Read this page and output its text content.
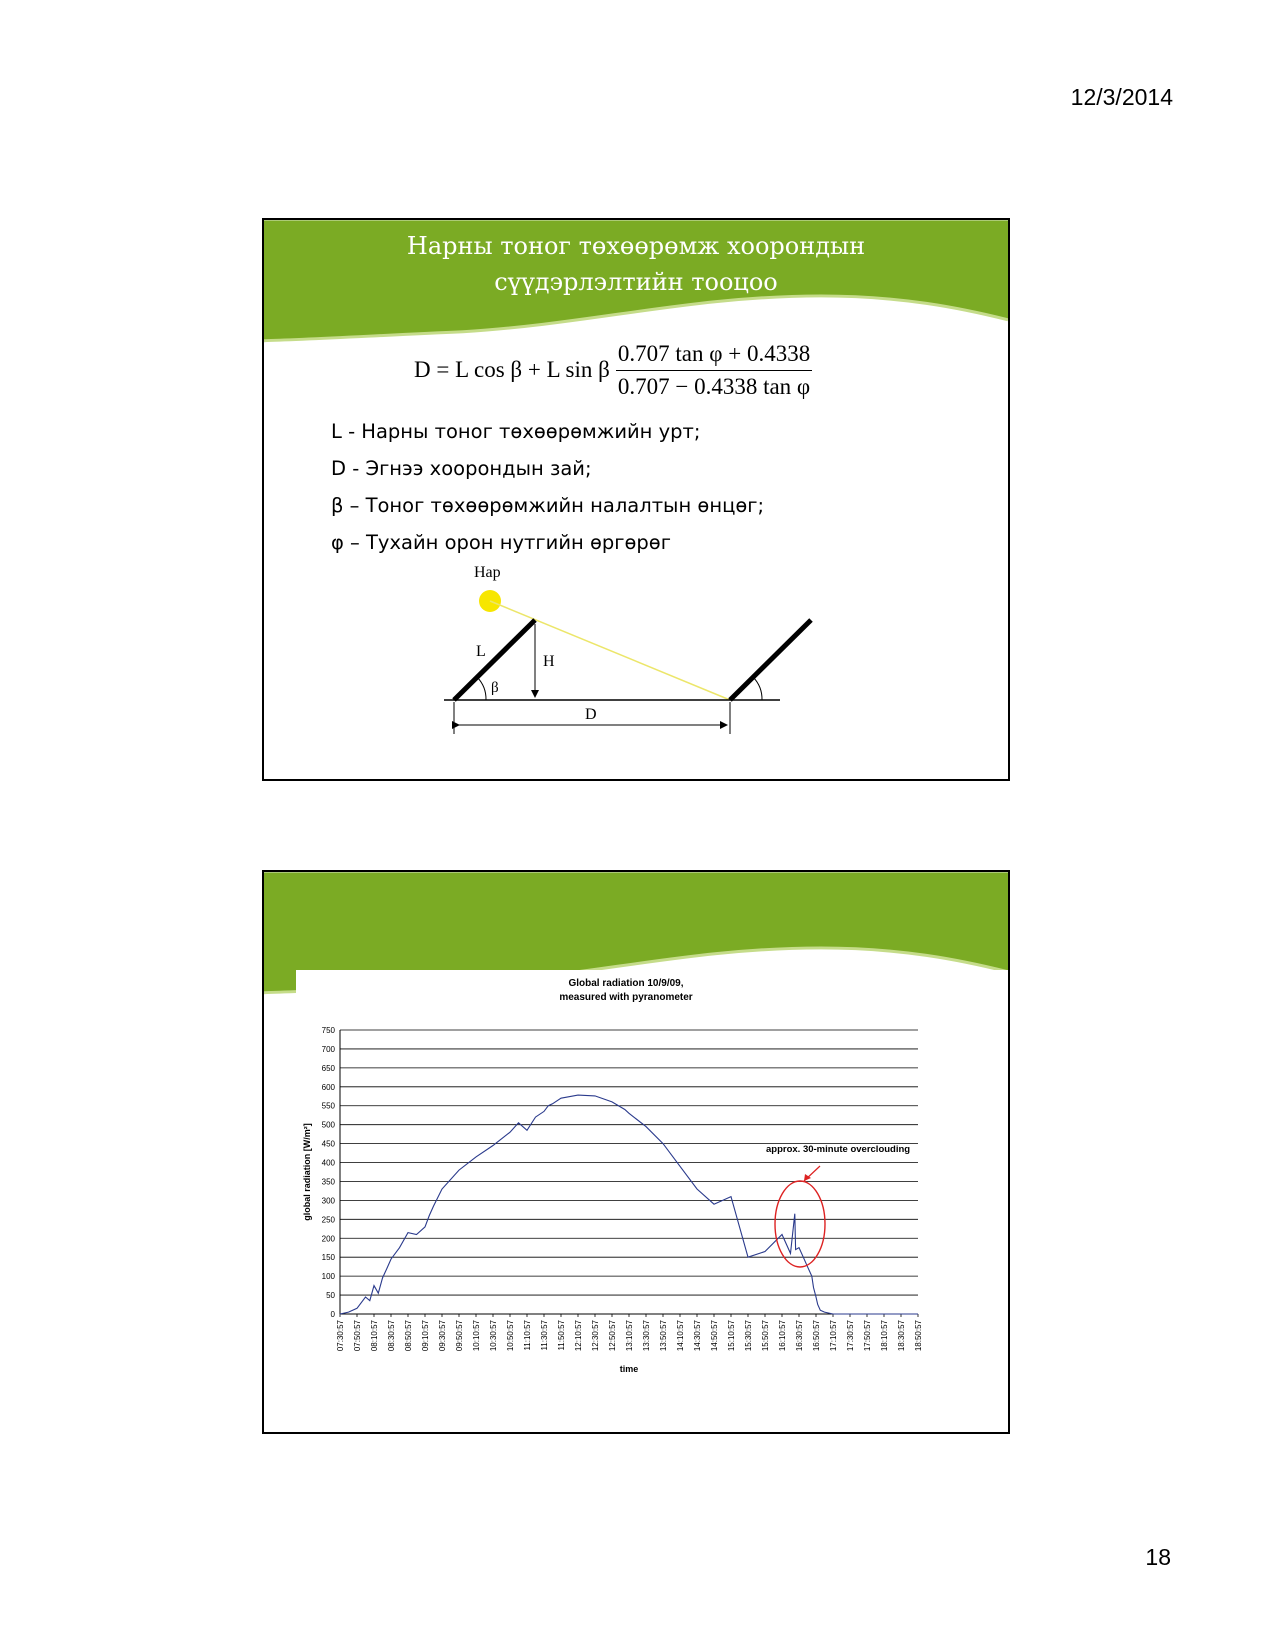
12/3/2014
Нарны тоног төхөөрөмж хоорондын
сүүдэрлэлтийн тооцоо
D = L cos β + L sin β $\frac{\text{0.707 tan φ + 0.4338}}{\text{0.707 − 0.4338 tan φ}}$
L - Нарны тоног төхөөрөмжийн урт;
D - Эгнээ хоорондын зай;
β – Тоног төхөөрөмжийн налалтын өнцөг;
φ – Тухайн орон нутгийн өргөрөг
Нар
L
H
β
D
Global radiation 10/9/09,
measured with pyranometer
0
50
100
150
200
250
300
350
400
450
500
550
600
650
700
750
07:30:57 07:50:57 08:10:57 08:30:57 08:50:57 09:10:57 09:30:57 09:50:57 10:10:57 10:30:57 10:50:57 11:10:57 11:30:57 11:50:57 12:10:57 12:30:57 12:50:57 13:10:57 13:30:57 13:50:57 14:10:57 14:30:57 14:50:57 15:10:57 15:30:57 15:50:57 16:10:57 16:30:57 16:50:57 17:10:57 17:30:57 17:50:57 18:10:57 18:30:57 18:50:57
time
global radiation [W/m²]	approx. 30-minute overclouding
18
